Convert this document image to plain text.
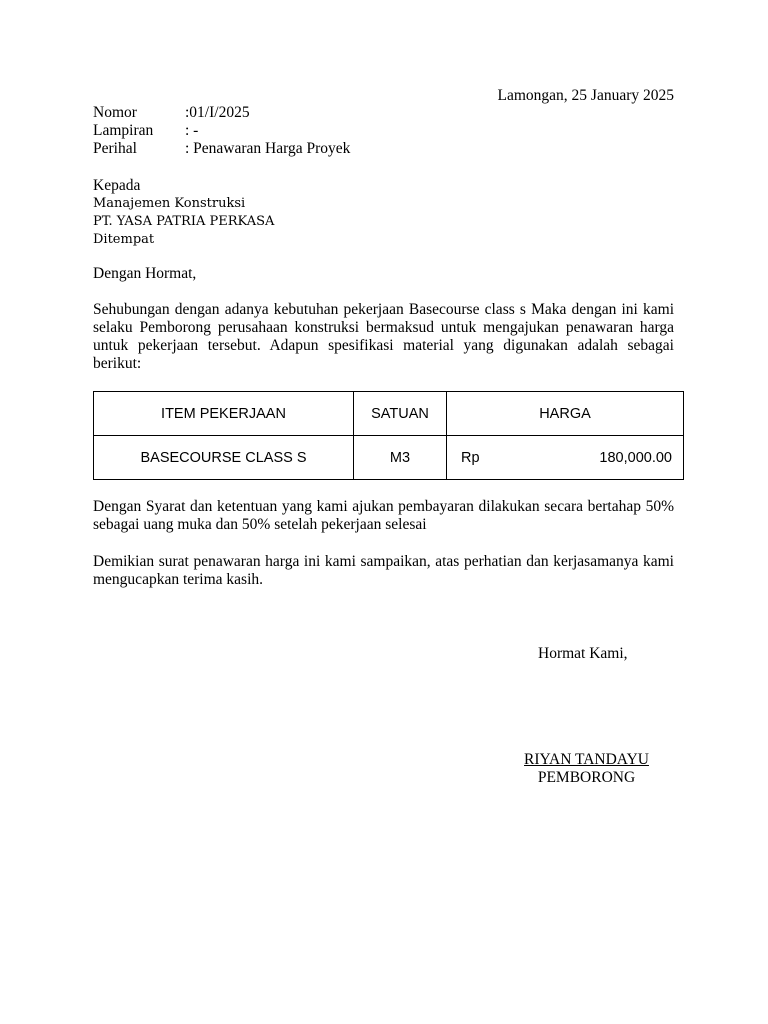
Lamongan, 25 January 2025
Nomor	:01/I/2025
Lampiran	: -
Perihal	: Penawaran Harga Proyek
Kepada
Manajemen Konstruksi
PT. YASA PATRIA PERKASA
Ditempat
Dengan Hormat,
Sehubungan dengan adanya kebutuhan pekerjaan Basecourse class s Maka dengan ini kami selaku Pemborong perusahaan konstruksi bermaksud untuk mengajukan penawaran harga untuk pekerjaan tersebut. Adapun spesifikasi material yang digunakan adalah sebagai berikut:
ITEM PEKERJAAN	SATUAN	HARGA
BASECOURSE CLASS S	M3	Rp 180,000.00
Dengan Syarat dan ketentuan yang kami ajukan pembayaran dilakukan secara bertahap 50% sebagai uang muka dan 50% setelah pekerjaan selesai
Demikian surat penawaran harga ini kami sampaikan, atas perhatian dan kerjasamanya kami mengucapkan terima kasih.
Hormat Kami,
RIYAN TANDAYU
PEMBORONG
